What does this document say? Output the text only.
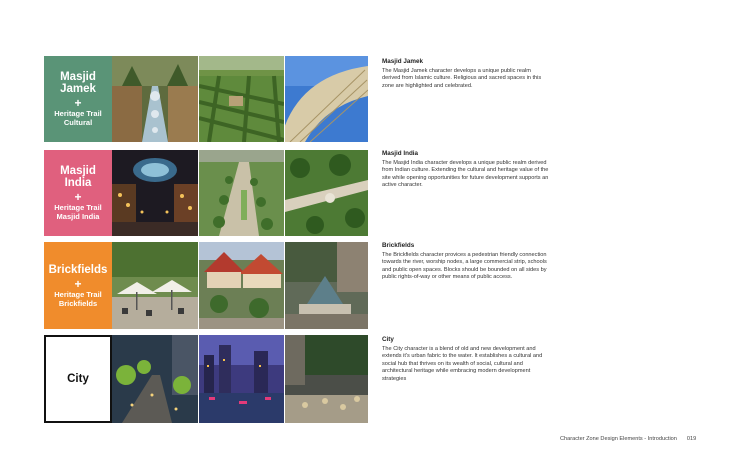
Masjid
Jamek
+
Heritage Trail
Cultural
Masjid Jamek

The Masjid Jamek character develops a unique public realm derived from Islamic culture. Religious and sacred spaces in this zone are highlighted and celebrated.

Masjid
India
+
Heritage Trail
Masjid India
Masjid India

The Masjid India character develops a unique public realm derived from Indian culture. Extending the cultural and heritage value of the site while opening opportunities for future development supports an active character.

Brickfields
+
Heritage Trail
Brickfields
Brickfields

The Brickfields character provices a pedestrian friendly connection towards the river, worship nodes, a large commercial strip, schools and public open spaces. Blocks should be bounded on all sides by public rights-of-way or other means of public access.

City
City

The City character is a blend of old and new development and extends it's urban fabric to the water. It establishes a cultural and social hub that thrives on its wealth of social, cultural and architectural heritage while embracing modern development strategies

Character Zone Design Elements - Introduction 019
